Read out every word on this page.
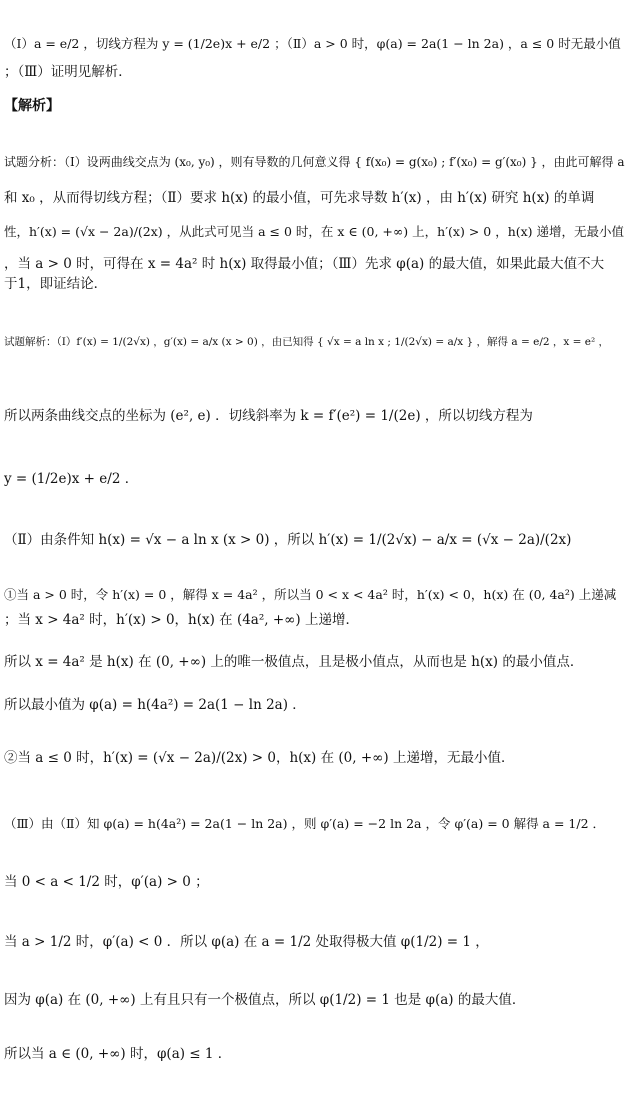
（Ⅰ）a = e/2 ，切线方程为 y = (1/2e)x + e/2 ；（Ⅱ）a > 0 时，φ(a) = 2a(1 − ln 2a) ，a ≤ 0 时无最小值
；（Ⅲ）证明见解析．
【解析】
试题分析：（Ⅰ）设两曲线交点为 (x₀, y₀) ，则有导数的几何意义得 { f(x₀) = g(x₀) ; f′(x₀) = g′(x₀) } ，由此可解得 a
和 x₀ ，从而得切线方程；（Ⅱ）要求 h(x) 的最小值，可先求导数 h′(x) ，由 h′(x) 研究 h(x) 的单调
性，h′(x) = (√x − 2a)/(2x) ，从此式可见当 a ≤ 0 时，在 x ∈ (0, +∞) 上，h′(x) > 0 ，h(x) 递增，无最小值
，当 a > 0 时，可得在 x = 4a² 时 h(x) 取得最小值；（Ⅲ）先求 φ(a) 的最大值，如果此最大值不大
于1，即证结论．
试题解析：（Ⅰ）f′(x) = 1/(2√x) ，g′(x) = a/x (x > 0) ，由已知得 { √x = a ln x ; 1/(2√x) = a/x } ，解得 a = e/2 ，x = e² ，
所以两条曲线交点的坐标为 (e², e) ．切线斜率为 k = f′(e²) = 1/(2e) ，所以切线方程为
y = (1/2e)x + e/2 ．
（Ⅱ）由条件知 h(x) = √x − a ln x (x > 0) ，所以 h′(x) = 1/(2√x) − a/x = (√x − 2a)/(2x)
①当 a > 0 时，令 h′(x) = 0 ，解得 x = 4a² ，所以当 0 < x < 4a² 时，h′(x) < 0，h(x) 在 (0, 4a²) 上递减
；当 x > 4a² 时，h′(x) > 0，h(x) 在 (4a², +∞) 上递增．
所以 x = 4a² 是 h(x) 在 (0, +∞) 上的唯一极值点，且是极小值点，从而也是 h(x) 的最小值点．
所以最小值为 φ(a) = h(4a²) = 2a(1 − ln 2a) ．
②当 a ≤ 0 时，h′(x) = (√x − 2a)/(2x) > 0，h(x) 在 (0, +∞) 上递增，无最小值．
（Ⅲ）由（Ⅱ）知 φ(a) = h(4a²) = 2a(1 − ln 2a) ，则 φ′(a) = −2 ln 2a ，令 φ′(a) = 0 解得 a = 1/2 ．
当 0 < a < 1/2 时，φ′(a) > 0 ；
当 a > 1/2 时，φ′(a) < 0 ．所以 φ(a) 在 a = 1/2 处取得极大值 φ(1/2) = 1 ，
因为 φ(a) 在 (0, +∞) 上有且只有一个极值点，所以 φ(1/2) = 1 也是 φ(a) 的最大值．
所以当 a ∈ (0, +∞) 时，φ(a) ≤ 1 ．
